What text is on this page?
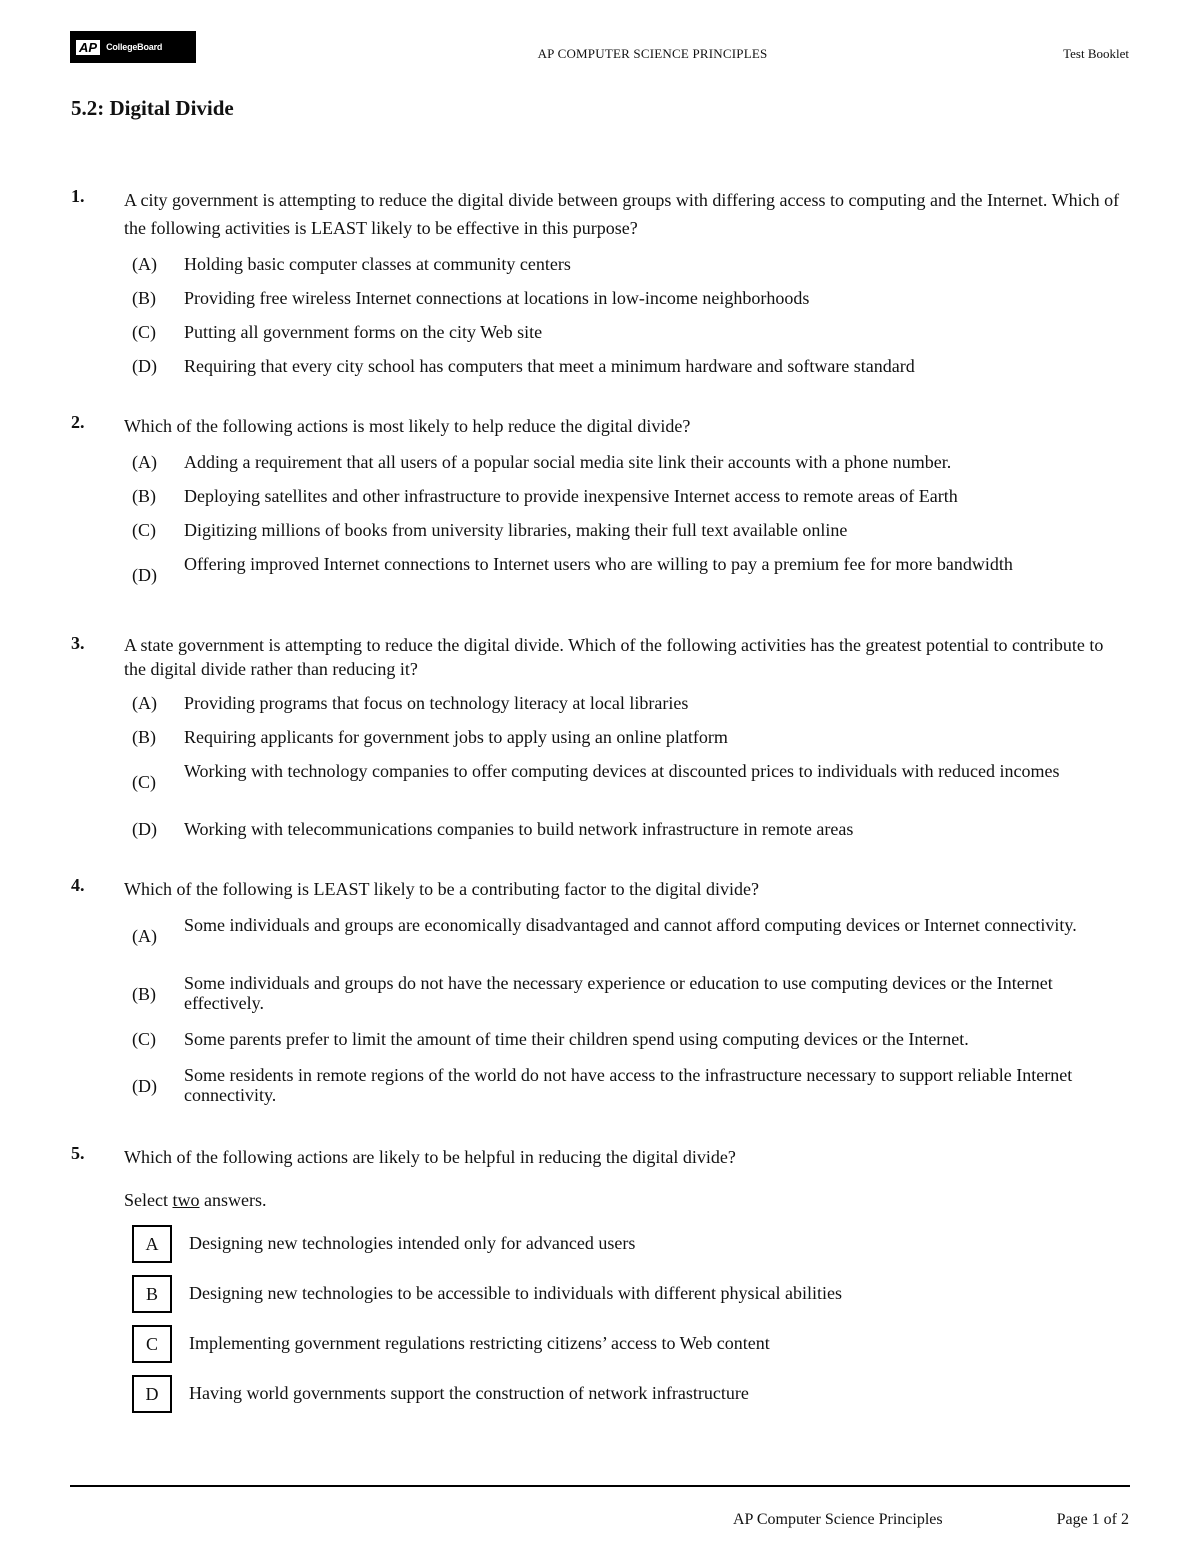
AP	CollegeBoard	AP COMPUTER SCIENCE PRINCIPLES	Test Booklet
5.2: Digital Divide
1. A city government is attempting to reduce the digital divide between groups with differing access to computing and the Internet. Which of the following activities is LEAST likely to be effective in this purpose?
(A)	Holding basic computer classes at community centers
(B)	Providing free wireless Internet connections at locations in low-income neighborhoods
(C)	Putting all government forms on the city Web site
(D)	Requiring that every city school has computers that meet a minimum hardware and software standard
2. Which of the following actions is most likely to help reduce the digital divide?
(A)	Adding a requirement that all users of a popular social media site link their accounts with a phone number.
(B)	Deploying satellites and other infrastructure to provide inexpensive Internet access to remote areas of Earth
(C)	Digitizing millions of books from university libraries, making their full text available online
(D)
Offering improved Internet connections to Internet users who are willing to pay a premium fee for more bandwidth
3. A state government is attempting to reduce the digital divide. Which of the following activities has the greatest potential to contribute to the digital divide rather than reducing it?
(A)	Providing programs that focus on technology literacy at local libraries
(B)	Requiring applicants for government jobs to apply using an online platform
(C)
Working with technology companies to offer computing devices at discounted prices to individuals with reduced incomes
(D)	Working with telecommunications companies to build network infrastructure in remote areas
4. Which of the following is LEAST likely to be a contributing factor to the digital divide?
(A)
Some individuals and groups are economically disadvantaged and cannot afford computing devices or Internet connectivity.
(B)
Some individuals and groups do not have the necessary experience or education to use computing devices or the Internet effectively.
(C)	Some parents prefer to limit the amount of time their children spend using computing devices or the Internet.
(D)
Some residents in remote regions of the world do not have access to the infrastructure necessary to support reliable Internet connectivity.
5. Which of the following actions are likely to be helpful in reducing the digital divide?
Select two answers.
A	Designing new technologies intended only for advanced users
B	Designing new technologies to be accessible to individuals with different physical abilities
C	Implementing government regulations restricting citizens’ access to Web content
D	Having world governments support the construction of network infrastructure
AP Computer Science Principles	Page 1 of 2
